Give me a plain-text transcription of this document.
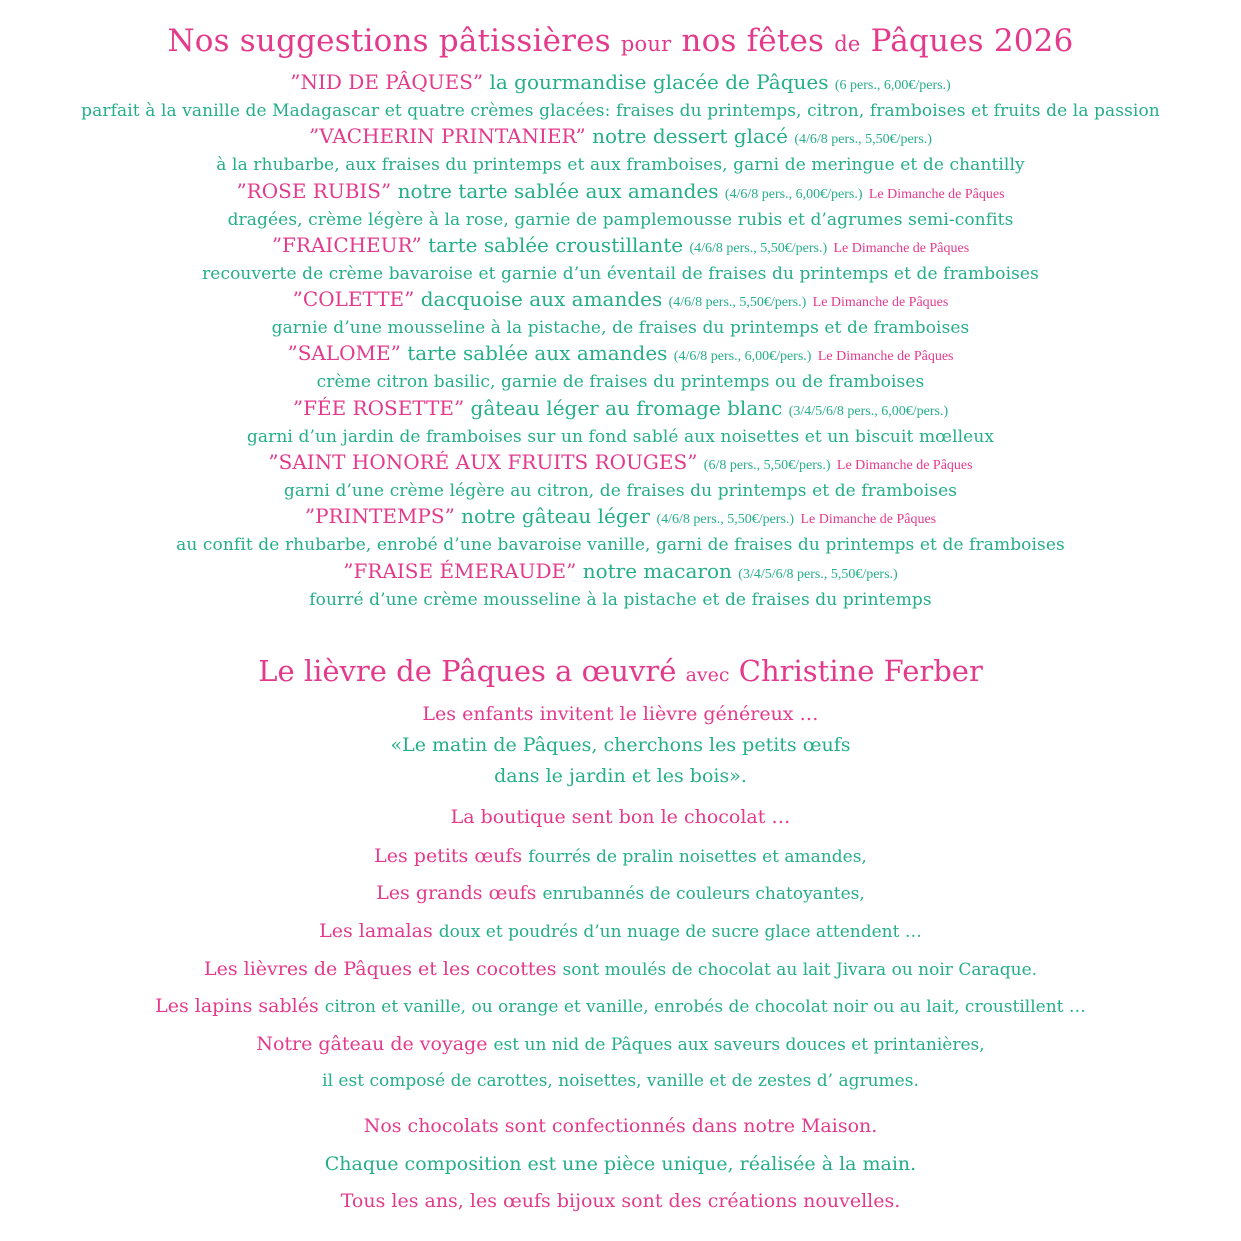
Nos suggestions pâtissières pour nos fêtes de Pâques 2026
”NID DE PÂQUES” la gourmandise glacée de Pâques (6 pers., 6,00€/pers.)
parfait à la vanille de Madagascar et quatre crèmes glacées: fraises du printemps, citron, framboises et fruits de la passion
”VACHERIN PRINTANIER” notre dessert glacé (4/6/8 pers., 5,50€/pers.)
à la rhubarbe, aux fraises du printemps et aux framboises, garni de meringue et de chantilly
”ROSE RUBIS” notre tarte sablée aux amandes (4/6/8 pers., 6,00€/pers.) Le Dimanche de Pâques
dragées, crème légère à la rose, garnie de pamplemousse rubis et d’agrumes semi-confits
”FRAICHEUR” tarte sablée croustillante (4/6/8 pers., 5,50€/pers.) Le Dimanche de Pâques
recouverte de crème bavaroise et garnie d’un éventail de fraises du printemps et de framboises
”COLETTE” dacquoise aux amandes (4/6/8 pers., 5,50€/pers.) Le Dimanche de Pâques
garnie d’une mousseline à la pistache, de fraises du printemps et de framboises
”SALOME” tarte sablée aux amandes (4/6/8 pers., 6,00€/pers.) Le Dimanche de Pâques
crème citron basilic, garnie de fraises du printemps ou de framboises
”FÉE ROSETTE” gâteau léger au fromage blanc (3/4/5/6/8 pers., 6,00€/pers.)
garni d’un jardin de framboises sur un fond sablé aux noisettes et un biscuit mœlleux
”SAINT HONORÉ AUX FRUITS ROUGES” (6/8 pers., 5,50€/pers.) Le Dimanche de Pâques
garni d’une crème légère au citron, de fraises du printemps et de framboises
”PRINTEMPS” notre gâteau léger (4/6/8 pers., 5,50€/pers.) Le Dimanche de Pâques
au confit de rhubarbe, enrobé d’une bavaroise vanille, garni de fraises du printemps et de framboises
”FRAISE ÉMERAUDE” notre macaron (3/4/5/6/8 pers., 5,50€/pers.)
fourré d’une crème mousseline à la pistache et de fraises du printemps
Le lièvre de Pâques a œuvré avec Christine Ferber
Les enfants invitent le lièvre généreux …
«Le matin de Pâques, cherchons les petits œufs
dans le jardin et les bois».
La boutique sent bon le chocolat …
Les petits œufs fourrés de pralin noisettes et amandes,
Les grands œufs enrubannés de couleurs chatoyantes,
Les lamalas doux et poudrés d’un nuage de sucre glace attendent …
Les lièvres de Pâques et les cocottes sont moulés de chocolat au lait Jivara ou noir Caraque.
Les lapins sablés citron et vanille, ou orange et vanille, enrobés de chocolat noir ou au lait, croustillent …
Notre gâteau de voyage est un nid de Pâques aux saveurs douces et printanières,
il est composé de carottes, noisettes, vanille et de zestes d’ agrumes.
Nos chocolats sont confectionnés dans notre Maison.
Chaque composition est une pièce unique, réalisée à la main.
Tous les ans, les œufs bijoux sont des créations nouvelles.
